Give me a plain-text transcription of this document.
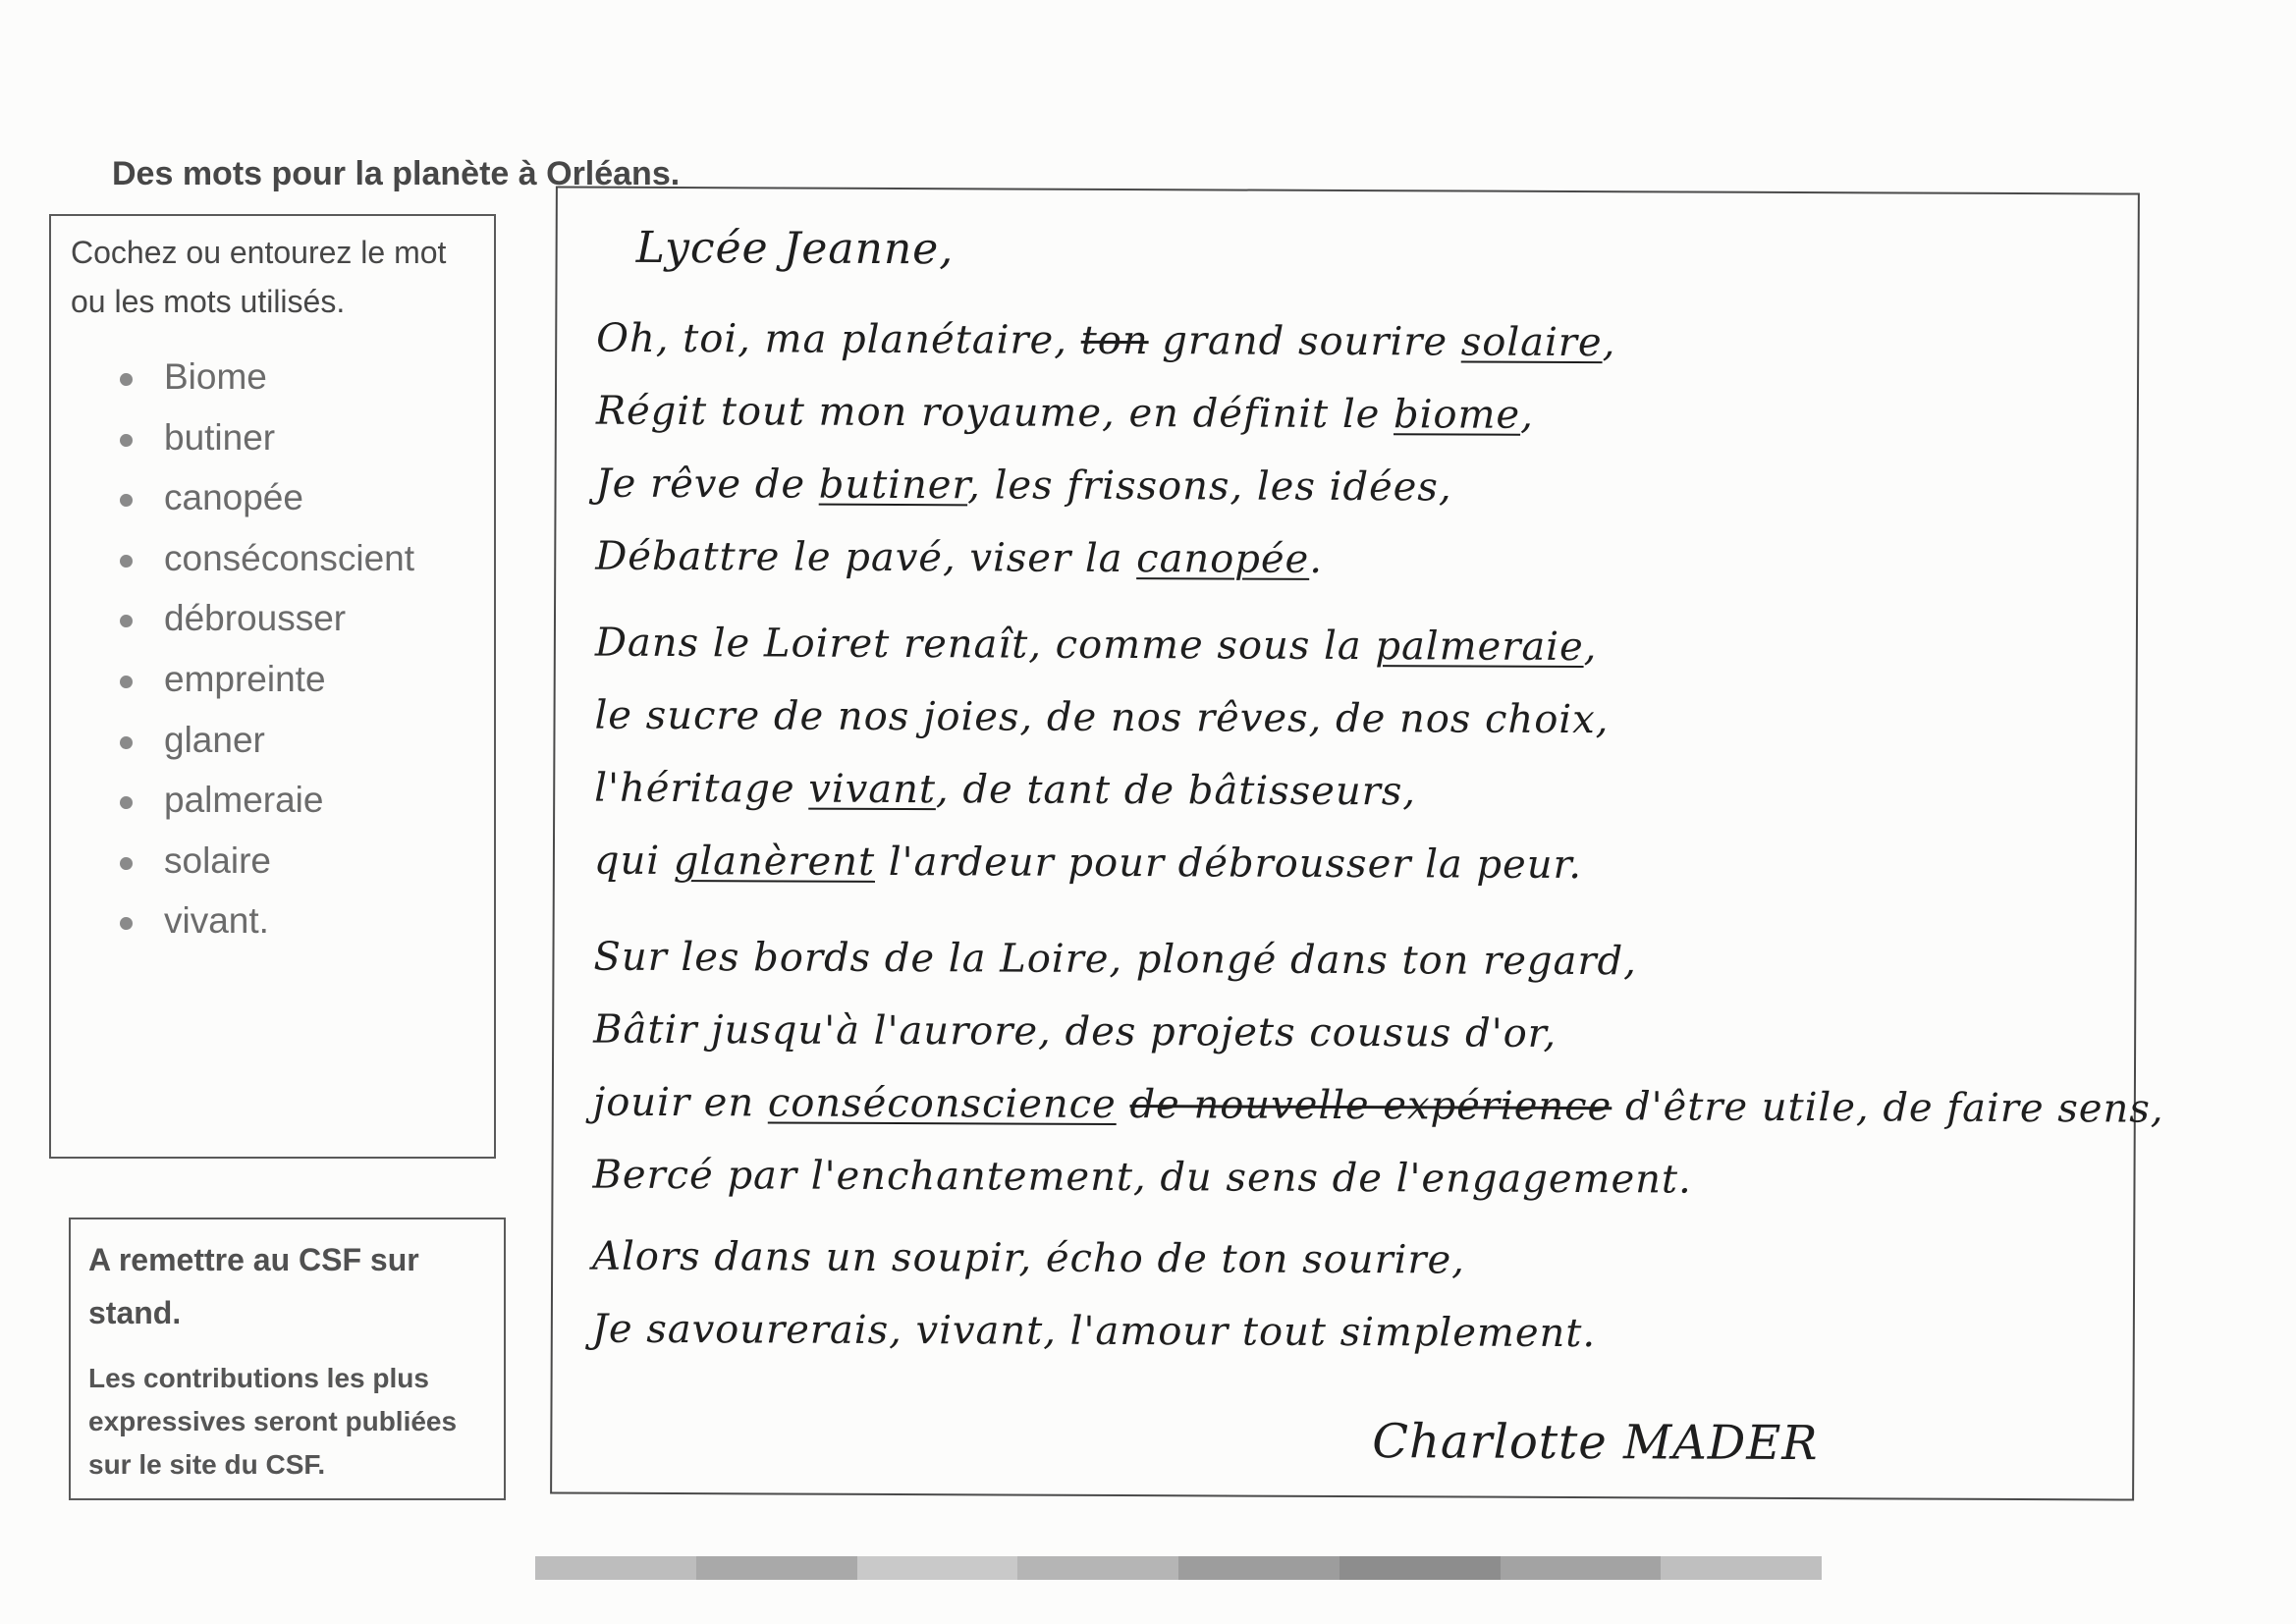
Des mots pour la planète à Orléans.
Cochez ou entourez le mot ou les mots utilisés.
Biome
butiner
canopée
conséconscient
débrousser
empreinte
glaner
palmeraie
solaire
vivant.
A remettre au CSF sur stand.
Les contributions les plus expressives seront publiées sur le site du CSF.
Lycée Jeanne,
Oh, toi, ma planétaire, ton grand sourire solaire,
Régit tout mon royaume, en définit le biome,
Je rêve de butiner, les frissons, les idées,
Débattre le pavé, viser la canopée.
Dans le Loiret renaît, comme sous la palmeraie,
le sucre de nos joies, de nos rêves, de nos choix,
l'héritage vivant, de tant de bâtisseurs,
qui glanèrent l'ardeur pour débrousser la peur.
Sur les bords de la Loire, plongé dans ton regard,
Bâtir jusqu'à l'aurore, des projets cousus d'or,
jouir en conséconscience de nouvelle expérience d'être utile, de faire sens,
Bercé par l'enchantement, du sens de l'engagement.
Alors dans un soupir, écho de ton sourire,
Je savourerais, vivant, l'amour tout simplement.
Charlotte MADER
